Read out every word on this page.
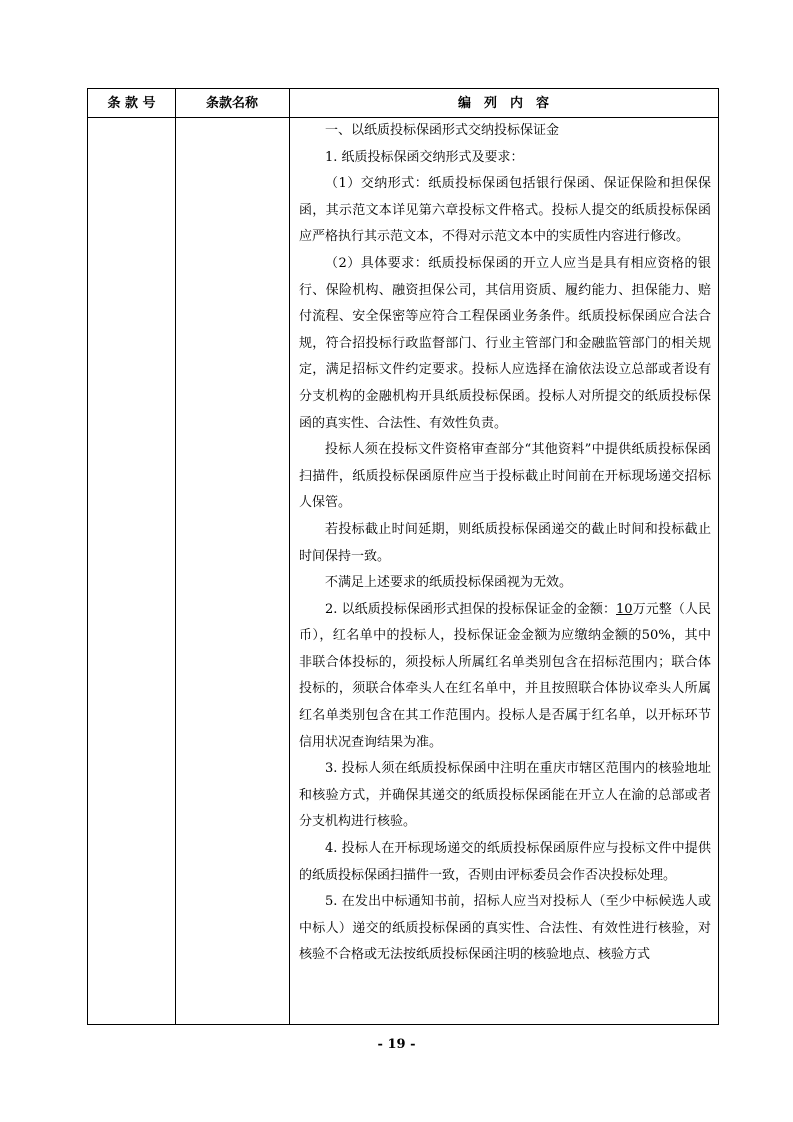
条 款 号	条款名称	编　列　内　容

一、以纸质投标保函形式交纳投标保证金

1. 纸质投标保函交纳形式及要求：

（1）交纳形式：纸质投标保函包括银行保函、保证保险和担保保函，其示范文本详见第六章投标文件格式。投标人提交的纸质投标保函应严格执行其示范文本，不得对示范文本中的实质性内容进行修改。

（2）具体要求：纸质投标保函的开立人应当是具有相应资格的银行、保险机构、融资担保公司，其信用资质、履约能力、担保能力、赔付流程、安全保密等应符合工程保函业务条件。纸质投标保函应合法合规，符合招投标行政监督部门、行业主管部门和金融监管部门的相关规定，满足招标文件约定要求。投标人应选择在渝依法设立总部或者设有分支机构的金融机构开具纸质投标保函。投标人对所提交的纸质投标保函的真实性、合法性、有效性负责。

投标人须在投标文件资格审查部分“其他资料”中提供纸质投标保函扫描件，纸质投标保函原件应当于投标截止时间前在开标现场递交招标人保管。

若投标截止时间延期，则纸质投标保函递交的截止时间和投标截止时间保持一致。

不满足上述要求的纸质投标保函视为无效。

2. 以纸质投标保函形式担保的投标保证金的金额：10万元整（人民币），红名单中的投标人，投标保证金金额为应缴纳金额的50%，其中非联合体投标的，须投标人所属红名单类别包含在招标范围内；联合体投标的，须联合体牵头人在红名单中，并且按照联合体协议牵头人所属红名单类别包含在其工作范围内。投标人是否属于红名单，以开标环节信用状况查询结果为准。

3. 投标人须在纸质投标保函中注明在重庆市辖区范围内的核验地址和核验方式，并确保其递交的纸质投标保函能在开立人在渝的总部或者分支机构进行核验。

4. 投标人在开标现场递交的纸质投标保函原件应与投标文件中提供的纸质投标保函扫描件一致，否则由评标委员会作否决投标处理。

5. 在发出中标通知书前，招标人应当对投标人（至少中标候选人或中标人）递交的纸质投标保函的真实性、合法性、有效性进行核验，对核验不合格或无法按纸质投标保函注明的核验地点、核验方式

- 19 -
